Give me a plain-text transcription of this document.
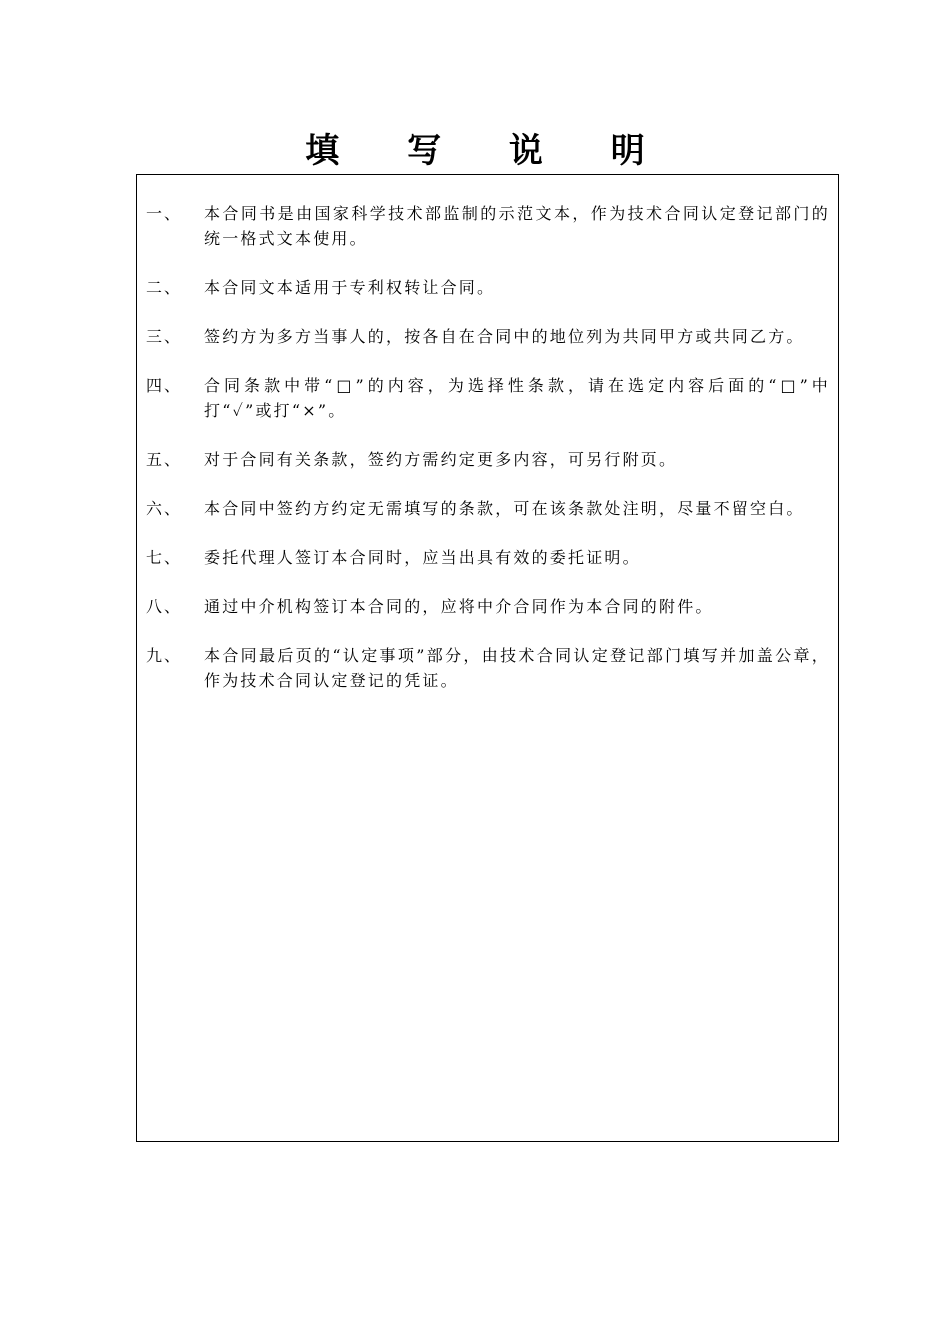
填 写 说 明
一、	本合同书是由国家科学技术部监制的示范文本，作为技术合同认定登记部门的统一格式文本使用。
二、	本合同文本适用于专利权转让合同。
三、	签约方为多方当事人的，按各自在合同中的地位列为共同甲方或共同乙方。
四、	合同条款中带“□”的内容，为选择性条款，请在选定内容后面的“□”中打“✓”或打“×”。
五、	对于合同有关条款，签约方需约定更多内容，可另行附页。
六、	本合同中签约方约定无需填写的条款，可在该条款处注明，尽量不留空白。
七、	委托代理人签订本合同时，应当出具有效的委托证明。
八、	通过中介机构签订本合同的，应将中介合同作为本合同的附件。
九、	本合同最后页的“认定事项”部分，由技术合同认定登记部门填写并加盖公章，作为技术合同认定登记的凭证。
